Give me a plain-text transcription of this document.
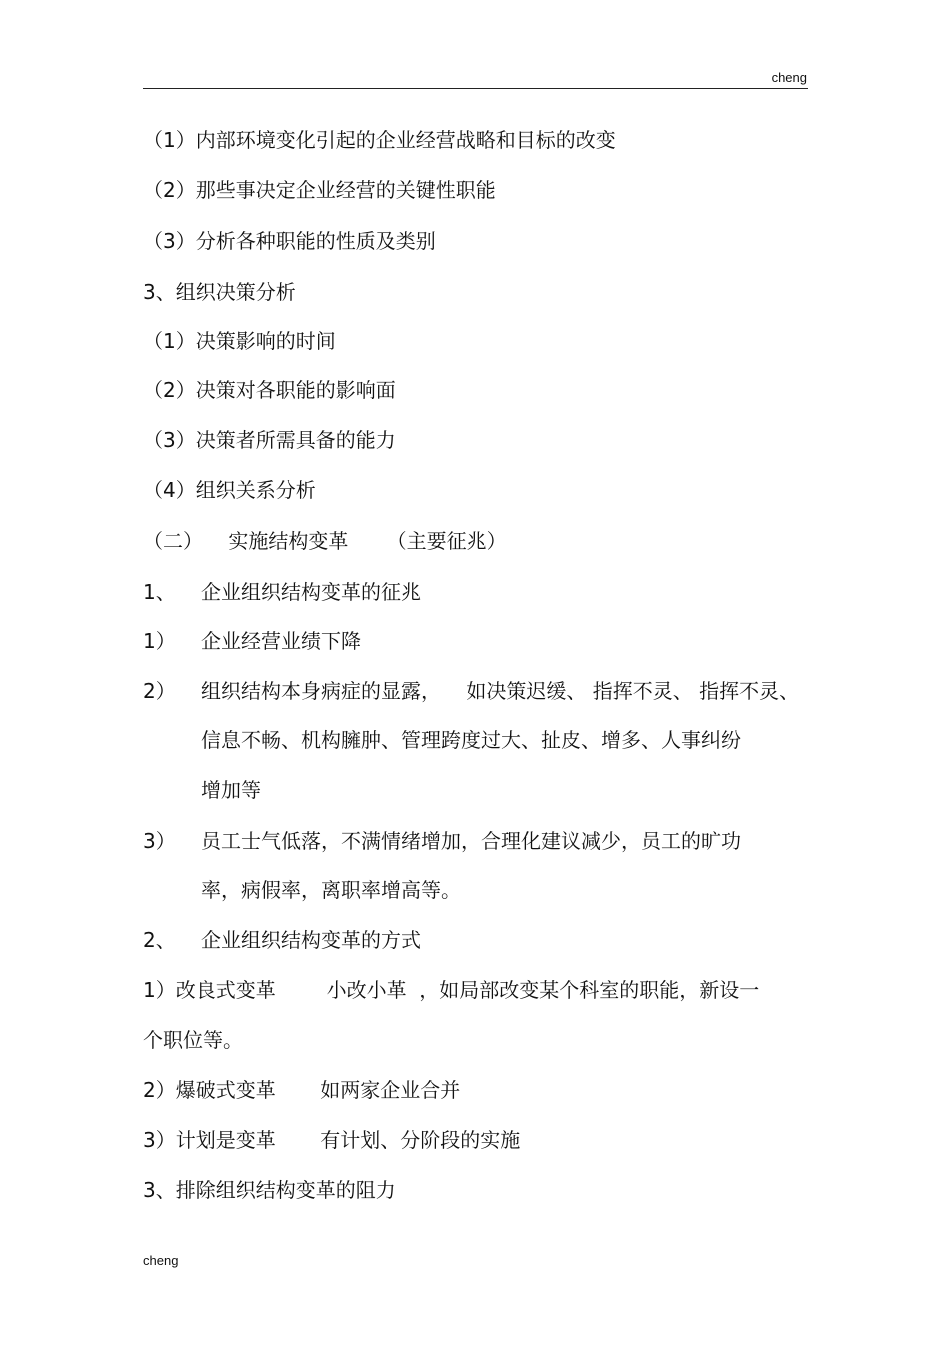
cheng
（1）内部环境变化引起的企业经营战略和目标的改变
（2）那些事决定企业经营的关键性职能
（3）分析各种职能的性质及类别
3、组织决策分析
（1）决策影响的时间
（2）决策对各职能的影响面
（3）决策者所需具备的能力
（4）组织关系分析
（二）    实施结构变革      （主要征兆）
1、 企业组织结构变革的征兆
1） 企业经营业绩下降
2） 组织结构本身病症的显露，    如决策迟缓、 指挥不灵、 指挥不灵、
信息不畅、机构臃肿、管理跨度过大、扯皮、增多、人事纠纷
增加等
3） 员工士气低落，不满情绪增加，合理化建议减少，员工的旷功
率，病假率，离职率增高等。
2、 企业组织结构变革的方式
1）改良式变革        小改小革  ，如局部改变某个科室的职能，新设一
个职位等。
2）爆破式变革       如两家企业合并
3）计划是变革       有计划、分阶段的实施
3、排除组织结构变革的阻力
cheng
